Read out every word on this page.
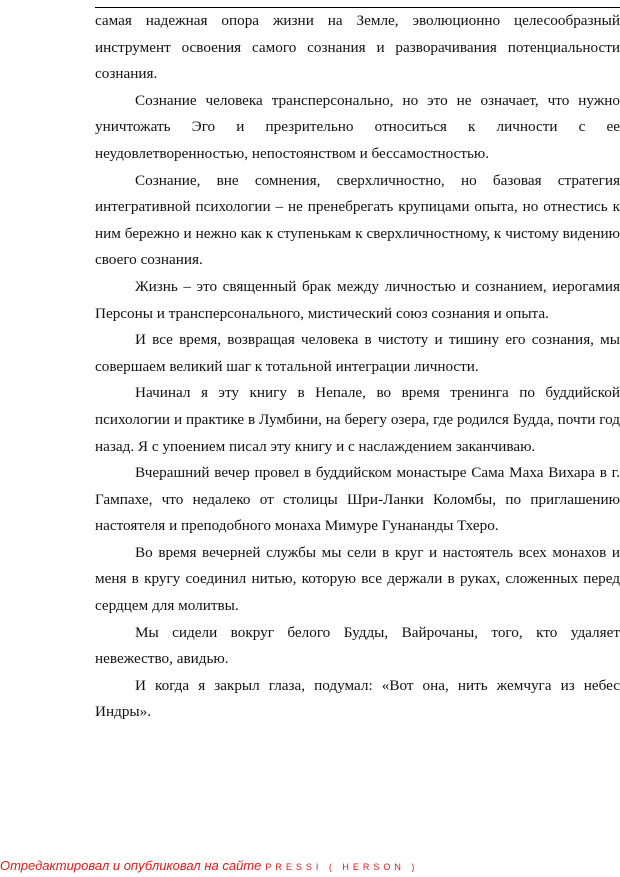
самая надежная опора жизни на Земле, эволюционно целесообразный инструмент освоения самого сознания и разворачивания потенциальности сознания.

Сознание человека трансперсонально, но это не означает, что нужно уничтожать Эго и презрительно относиться к личности с ее неудовлетворенностью, непостоянством и бессамостностью.

Сознание, вне сомнения, сверхличностно, но базовая стратегия интегративной психологии – не пренебрегать крупицами опыта, но отнестись к ним бережно и нежно как к ступенькам к сверхличностному, к чистому видению своего сознания.

Жизнь – это священный брак между личностью и сознанием, иерогамия Персоны и трансперсонального, мистический союз сознания и опыта.

И все время, возвращая человека в чистоту и тишину его сознания, мы совершаем великий шаг к тотальной интеграции личности.

Начинал я эту книгу в Непале, во время тренинга по буддийской психологии и практике в Лумбини, на берегу озера, где родился Будда, почти год назад. Я с упоением писал эту книгу и с наслаждением заканчиваю.

Вчерашний вечер провел в буддийском монастыре Сама Маха Вихара в г. Гампахе, что недалеко от столицы Шри-Ланки Коломбы, по приглашению настоятеля и преподобного монаха Мимуре Гунананды Тхеро.

Во время вечерней службы мы сели в круг и настоятель всех монахов и меня в кругу соединил нитью, которую все держали в руках, сложенных перед сердцем для молитвы.

Мы сидели вокруг белого Будды, Вайрочаны, того, кто удаляет невежество, авидью.

И когда я закрыл глаза, подумал: «Вот она, нить жемчуга из небес Индры».

Отредактировал и опубликовал на сайте PRESSI ( HERSON )
